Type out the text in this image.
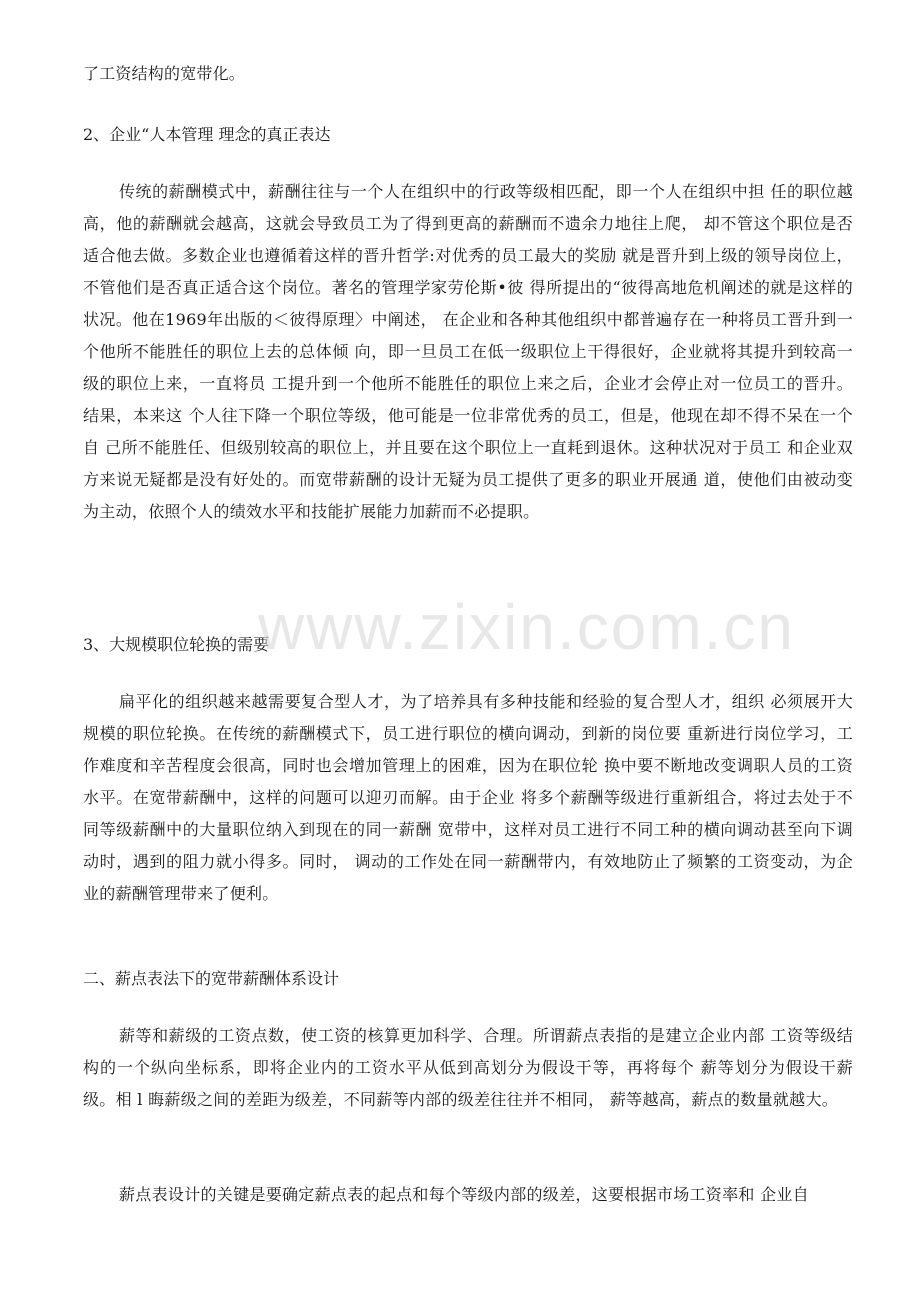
了工资结构的宽带化。
2、企业“人本管理 理念的真正表达
传统的薪酬模式中，薪酬往往与一个人在组织中的行政等级相匹配，即一个人在组织中担 任的职位越高，他的薪酬就会越高，这就会导致员工为了得到更高的薪酬而不遗余力地往上爬， 却不管这个职位是否适合他去做。多数企业也遵循着这样的晋升哲学:对优秀的员工最大的奖励 就是晋升到上级的领导岗位上，不管他们是否真正适合这个岗位。著名的管理学家劳伦斯•彼 得所提出的“彼得高地危机阐述的就是这样的状况。他在1969年出版的＜彼得原理〉中阐述， 在企业和各种其他组织中都普遍存在一种将员工晋升到一个他所不能胜任的职位上去的总体倾 向，即一旦员工在低一级职位上干得很好，企业就将其提升到较高一级的职位上来，一直将员 工提升到一个他所不能胜任的职位上来之后，企业才会停止对一位员工的晋升。结果，本来这 个人往下降一个职位等级，他可能是一位非常优秀的员工，但是，他现在却不得不呆在一个自 己所不能胜任、但级别较高的职位上，并且要在这个职位上一直耗到退休。这种状况对于员工 和企业双方来说无疑都是没有好处的。而宽带薪酬的设计无疑为员工提供了更多的职业开展通 道，使他们由被动变为主动，依照个人的绩效水平和技能扩展能力加薪而不必提职。
3、大规模职位轮换的需要
扁平化的组织越来越需要复合型人才，为了培养具有多种技能和经验的复合型人才，组织 必须展开大规模的职位轮换。在传统的薪酬模式下，员工进行职位的横向调动，到新的岗位要 重新进行岗位学习，工作难度和辛苦程度会很高，同时也会增加管理上的困难，因为在职位轮 换中要不断地改变调职人员的工资水平。在宽带薪酬中，这样的问题可以迎刃而解。由于企业 将多个薪酬等级进行重新组合，将过去处于不同等级薪酬中的大量职位纳入到现在的同一薪酬 宽带中，这样对员工进行不同工种的横向调动甚至向下调动时，遇到的阻力就小得多。同时， 调动的工作处在同一薪酬带内，有效地防止了频繁的工资变动，为企业的薪酬管理带来了便利。
二、薪点表法下的宽带薪酬体系设计
薪等和薪级的工资点数，使工资的核算更加科学、合理。所谓薪点表指的是建立企业内部 工资等级结构的一个纵向坐标系，即将企业内的工资水平从低到高划分为假设干等，再将每个 薪等划分为假设干薪级。相 l 晦薪级之间的差距为级差，不同薪等内部的级差往往并不相同， 薪等越高，薪点的数量就越大。
薪点表设计的关键是要确定薪点表的起点和每个等级内部的级差，这要根据市场工资率和 企业自
www.zixin.com.cn
